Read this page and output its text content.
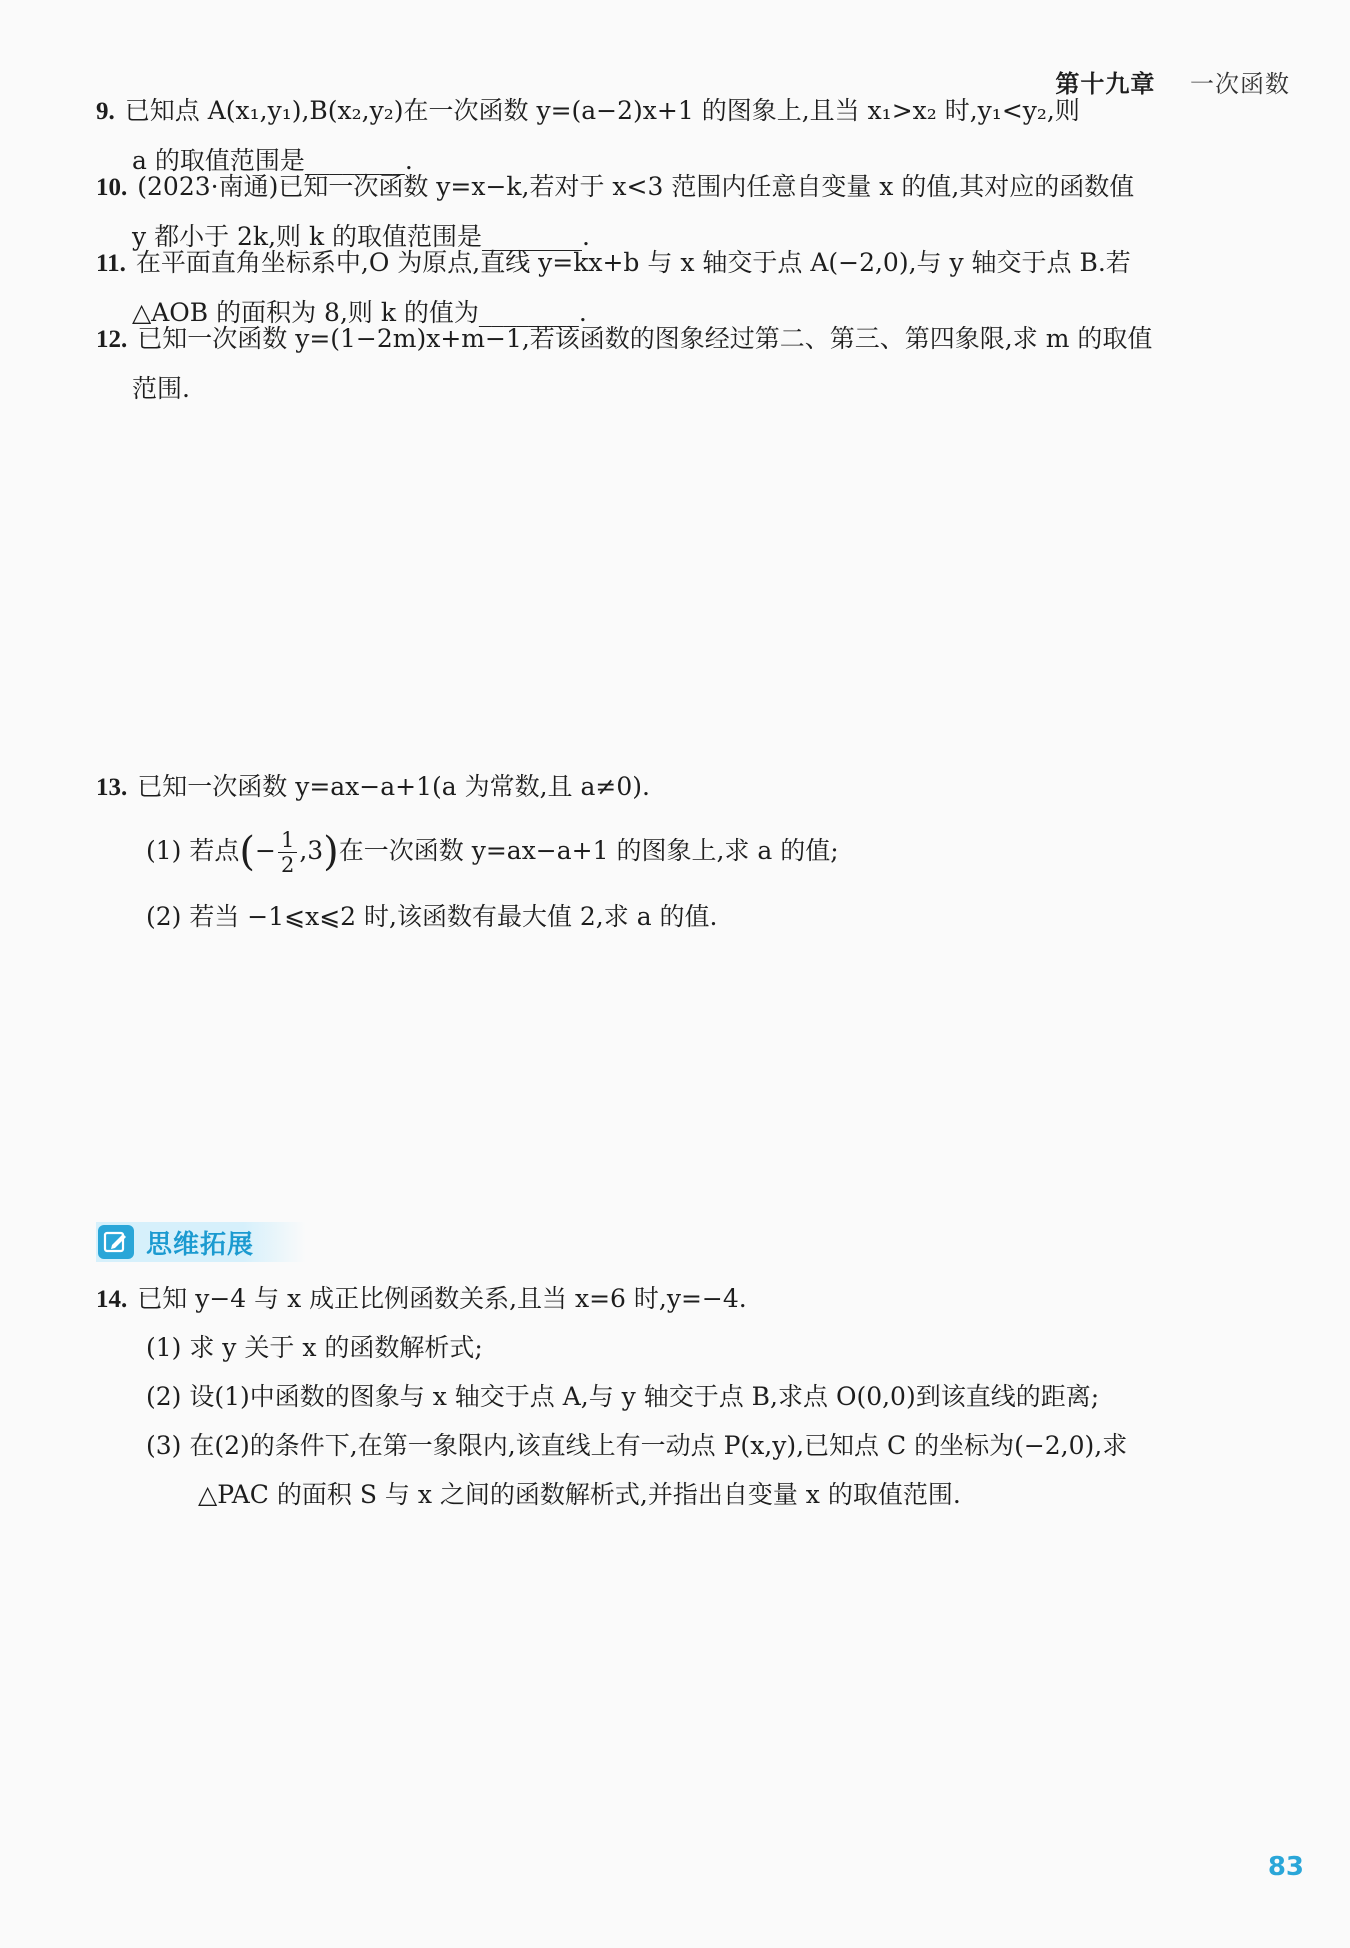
第十九章 一次函数
9. 已知点 A(x₁,y₁),B(x₂,y₂)在一次函数 y=(a−2)x+1 的图象上,且当 x₁>x₂ 时,y₁<y₂,则
a 的取值范围是________.
10. (2023·南通)已知一次函数 y=x−k,若对于 x<3 范围内任意自变量 x 的值,其对应的函数值
y 都小于 2k,则 k 的取值范围是________.
11. 在平面直角坐标系中,O 为原点,直线 y=kx+b 与 x 轴交于点 A(−2,0),与 y 轴交于点 B.若
△AOB 的面积为 8,则 k 的值为________.
12. 已知一次函数 y=(1−2m)x+m−1,若该函数的图象经过第二、第三、第四象限,求 m 的取值
范围.
13. 已知一次函数 y=ax−a+1(a 为常数,且 a≠0).
(1) 若点(− $\frac{1}{2} ,3$)在一次函数 y=ax−a+1 的图象上,求 a 的值;
(2) 若当 −1⩽x⩽2 时,该函数有最大值 2,求 a 的值.
思维拓展
14. 已知 y−4 与 x 成正比例函数关系,且当 x=6 时,y=−4.
(1) 求 y 关于 x 的函数解析式;
(2) 设(1)中函数的图象与 x 轴交于点 A,与 y 轴交于点 B,求点 O(0,0)到该直线的距离;
(3) 在(2)的条件下,在第一象限内,该直线上有一动点 P(x,y),已知点 C 的坐标为(−2,0),求
△PAC 的面积 S 与 x 之间的函数解析式,并指出自变量 x 的取值范围.
83
